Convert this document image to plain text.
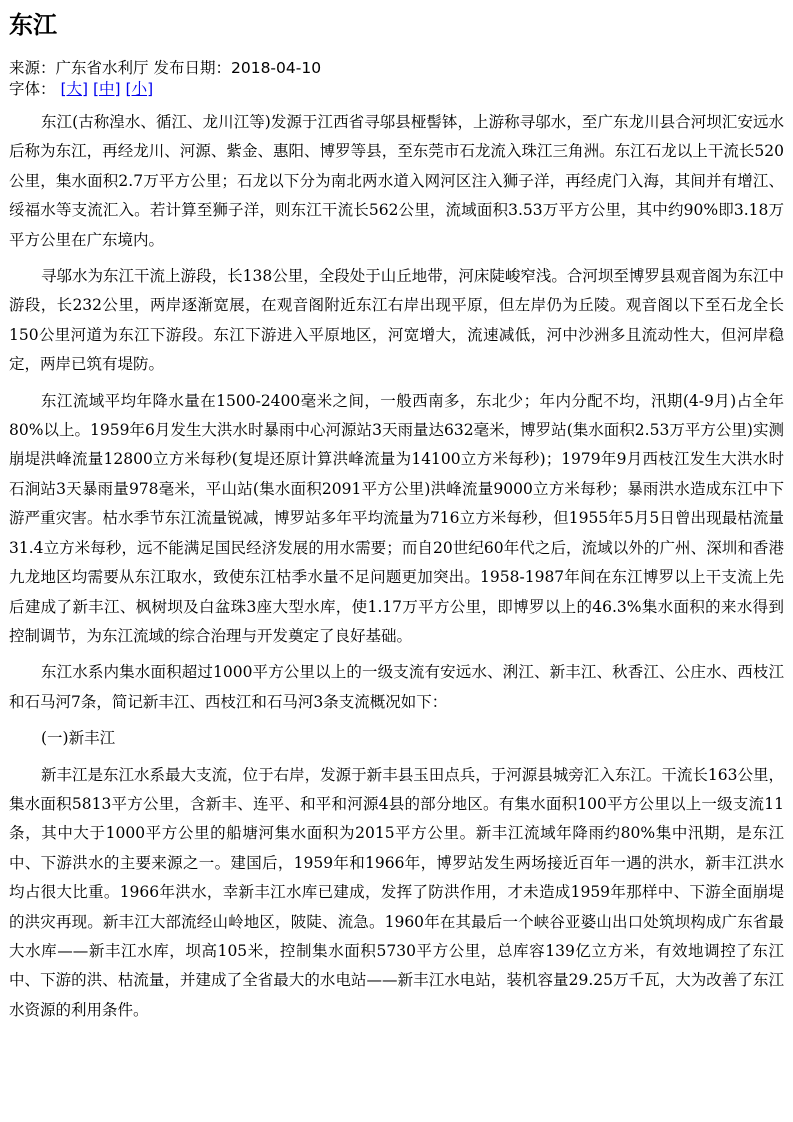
东江
来源：广东省水利厅 发布日期：2018-04-10
字体： [大] [中] [小]

东江(古称湟水、循江、龙川江等)发源于江西省寻邬县桠髻钵，上游称寻邬水，至广东龙川县合河坝汇安远水后称为东江，再经龙川、河源、紫金、惠阳、博罗等县，至东莞市石龙流入珠江三角洲。东江石龙以上干流长520公里，集水面积2.7万平方公里；石龙以下分为南北两水道入网河区注入狮子洋，再经虎门入海，其间并有增江、绥福水等支流汇入。若计算至狮子洋，则东江干流长562公里，流域面积3.53万平方公里，其中约90%即3.18万平方公里在广东境内。

寻邬水为东江干流上游段，长138公里，全段处于山丘地带，河床陡峻窄浅。合河坝至博罗县观音阁为东江中游段，长232公里，两岸逐渐宽展，在观音阁附近东江右岸出现平原，但左岸仍为丘陵。观音阁以下至石龙全长150公里河道为东江下游段。东江下游进入平原地区，河宽增大，流速减低，河中沙洲多且流动性大，但河岸稳定，两岸已筑有堤防。

东江流域平均年降水量在1500-2400毫米之间，一般西南多，东北少；年内分配不均，汛期(4-9月)占全年80%以上。1959年6月发生大洪水时暴雨中心河源站3天雨量达632毫米，博罗站(集水面积2.53万平方公里)实测崩堤洪峰流量12800立方米每秒(复堤还原计算洪峰流量为14100立方米每秒)；1979年9月西枝江发生大洪水时石涧站3天暴雨量978毫米，平山站(集水面积2091平方公里)洪峰流量9000立方米每秒；暴雨洪水造成东江中下游严重灾害。枯水季节东江流量锐减，博罗站多年平均流量为716立方米每秒，但1955年5月5日曾出现最枯流量31.4立方米每秒，远不能满足国民经济发展的用水需要；而自20世纪60年代之后，流域以外的广州、深圳和香港九龙地区均需要从东江取水，致使东江枯季水量不足问题更加突出。1958-1987年间在东江博罗以上干支流上先后建成了新丰江、枫树坝及白盆珠3座大型水库，使1.17万平方公里，即博罗以上的46.3%集水面积的来水得到控制调节，为东江流域的综合治理与开发奠定了良好基础。

东江水系内集水面积超过1000平方公里以上的一级支流有安远水、浰江、新丰江、秋香江、公庄水、西枝江和石马河7条，简记新丰江、西枝江和石马河3条支流概况如下：

(一)新丰江

新丰江是东江水系最大支流，位于右岸，发源于新丰县玉田点兵，于河源县城旁汇入东江。干流长163公里，集水面积5813平方公里，含新丰、连平、和平和河源4县的部分地区。有集水面积100平方公里以上一级支流11条，其中大于1000平方公里的船塘河集水面积为2015平方公里。新丰江流域年降雨约80%集中汛期，是东江中、下游洪水的主要来源之一。建国后，1959年和1966年，博罗站发生两场接近百年一遇的洪水，新丰江洪水均占很大比重。1966年洪水，幸新丰江水库已建成，发挥了防洪作用，才未造成1959年那样中、下游全面崩堤的洪灾再现。新丰江大部流经山岭地区，陂陡、流急。1960年在其最后一个峡谷亚婆山出口处筑坝构成广东省最大水库——新丰江水库，坝高105米，控制集水面积5730平方公里，总库容139亿立方米，有效地调控了东江中、下游的洪、枯流量，并建成了全省最大的水电站——新丰江水电站，装机容量29.25万千瓦，大为改善了东江水资源的利用条件。
